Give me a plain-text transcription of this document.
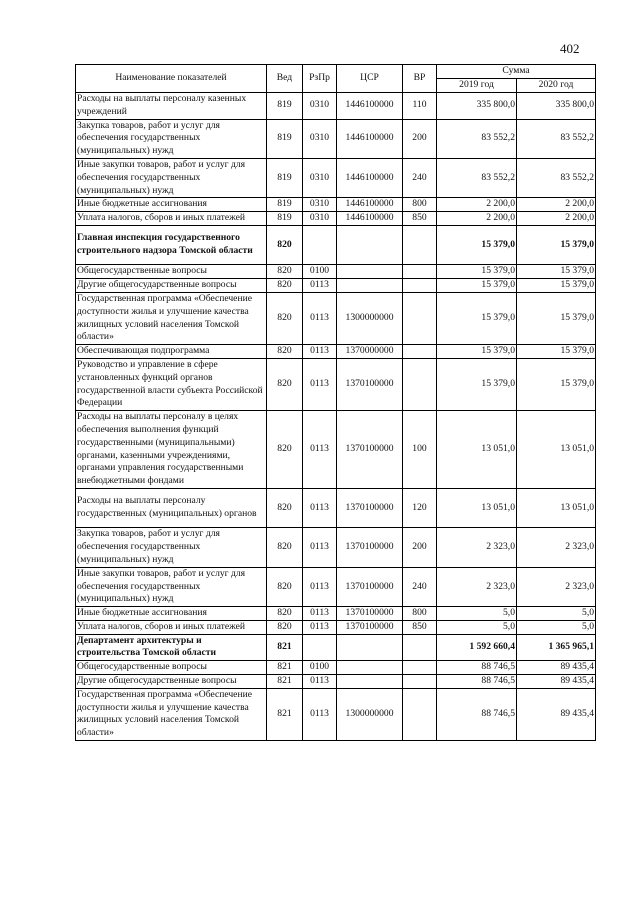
402
Наименование показателей	Вед	РзПр	ЦСР	ВР	Сумма	
					2019 год	2020 год
Расходы на выплаты персоналу казенных учреждений	819	0310	1446100000	110	335 800,0	335 800,0
Закупка товаров, работ и услуг для обеспечения государственных (муниципальных) нужд	819	0310	1446100000	200	83 552,2	83 552,2
Иные закупки товаров, работ и услуг для обеспечения государственных (муниципальных) нужд	819	0310	1446100000	240	83 552,2	83 552,2
Иные бюджетные ассигнования	819	0310	1446100000	800	2 200,0	2 200,0
Уплата налогов, сборов и иных платежей	819	0310	1446100000	850	2 200,0	2 200,0
Главная инспекция государственного строительного надзора Томской области	820				15 379,0	15 379,0
Общегосударственные вопросы	820	0100			15 379,0	15 379,0
Другие общегосударственные вопросы	820	0113			15 379,0	15 379,0
Государственная программа «Обеспечение доступности жилья и улучшение качества жилищных условий населения Томской области»	820	0113	1300000000		15 379,0	15 379,0
Обеспечивающая подпрограмма	820	0113	1370000000		15 379,0	15 379,0
Руководство и управление в сфере установленных функций органов государственной власти субъекта Российской Федерации	820	0113	1370100000		15 379,0	15 379,0
Расходы на выплаты персоналу в целях обеспечения выполнения функций государственными (муниципальными) органами, казенными учреждениями, органами управления государственными внебюджетными фондами	820	0113	1370100000	100	13 051,0	13 051,0
Расходы на выплаты персоналу государственных (муниципальных) органов	820	0113	1370100000	120	13 051,0	13 051,0
Закупка товаров, работ и услуг для обеспечения государственных (муниципальных) нужд	820	0113	1370100000	200	2 323,0	2 323,0
Иные закупки товаров, работ и услуг для обеспечения государственных (муниципальных) нужд	820	0113	1370100000	240	2 323,0	2 323,0
Иные бюджетные ассигнования	820	0113	1370100000	800	5,0	5,0
Уплата налогов, сборов и иных платежей	820	0113	1370100000	850	5,0	5,0
Департамент архитектуры и строительства Томской области	821				1 592 660,4	1 365 965,1
Общегосударственные вопросы	821	0100			88 746,5	89 435,4
Другие общегосударственные вопросы	821	0113			88 746,5	89 435,4
Государственная программа «Обеспечение доступности жилья и улучшение качества жилищных условий населения Томской области»	821	0113	1300000000		88 746,5	89 435,4
